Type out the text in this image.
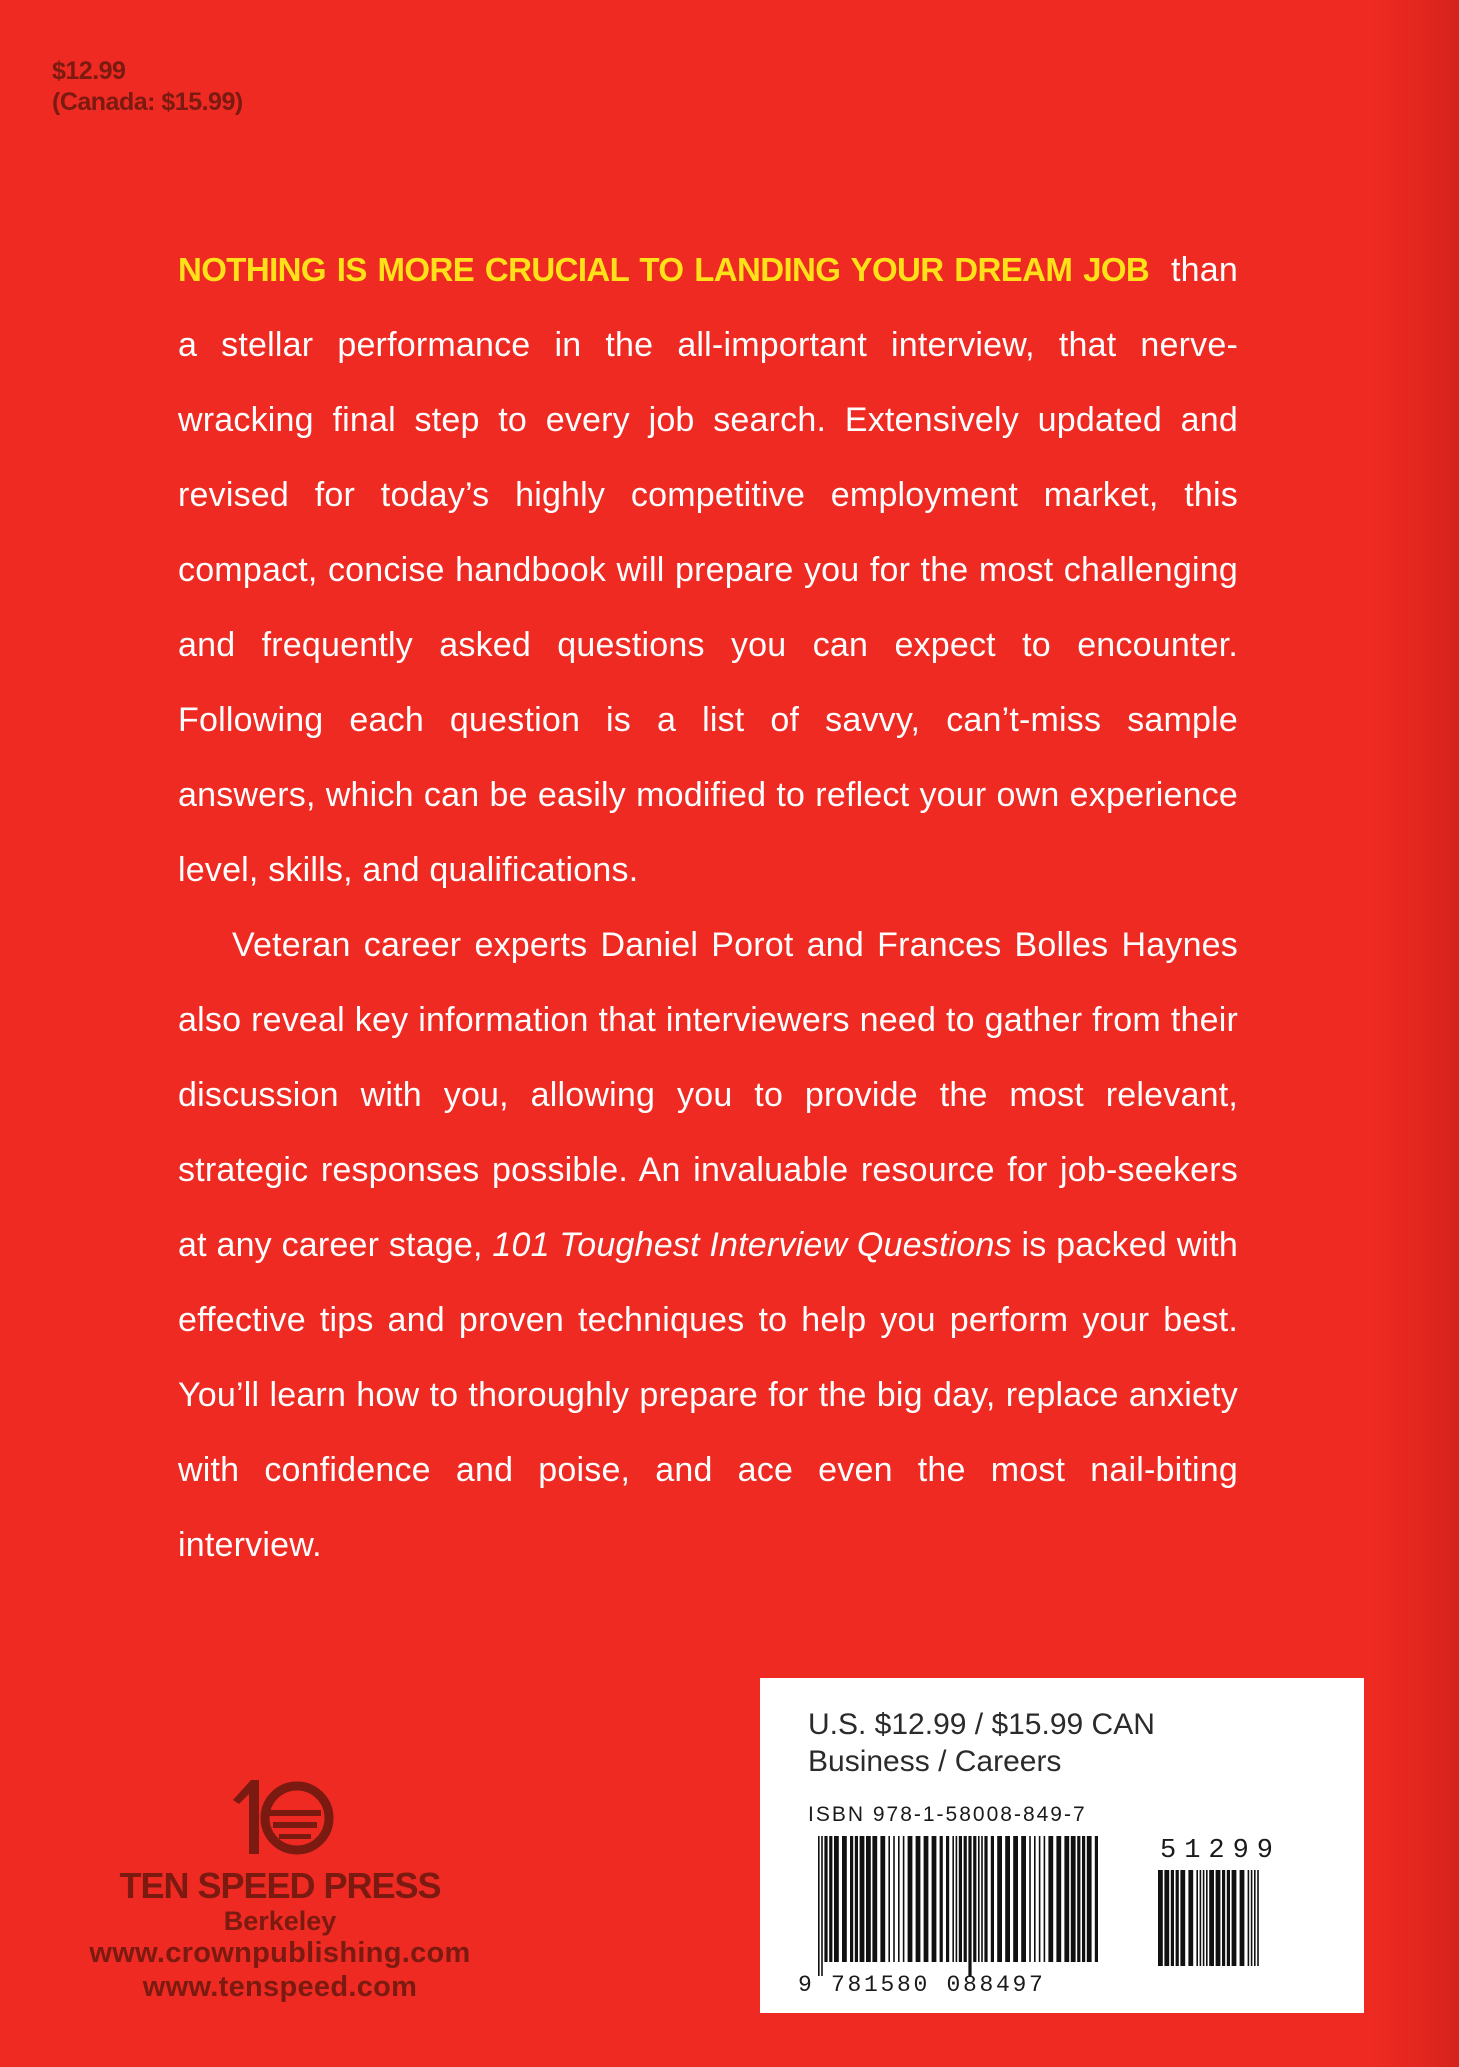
$12.99
(Canada: $15.99)

NOTHING IS MORE CRUCIAL TO LANDING YOUR DREAM JOB than a stellar performance in the all-important interview, that nerve-wracking final step to every job search. Extensively updated and revised for today’s highly competitive employment market, this compact, concise handbook will prepare you for the most challenging and frequently asked questions you can expect to encounter. Following each question is a list of savvy, can’t-miss sample answers, which can be easily modified to reflect your own experience level, skills, and qualifications.

Veteran career experts Daniel Porot and Frances Bolles Haynes also reveal key information that interviewers need to gather from their discussion with you, allowing you to provide the most relevant, strategic responses possible. An invaluable resource for job-seekers at any career stage, 101 Toughest Interview Questions is packed with effective tips and proven techniques to help you perform your best. You’ll learn how to thoroughly prepare for the big day, replace anxiety with confidence and poise, and ace even the most nail-biting interview.

TEN SPEED PRESS
Berkeley
www.crownpublishing.com
www.tenspeed.com
U.S. $12.99 / $15.99 CAN
Business / Careers
ISBN 978-1-58008-849-7
51299
9 781580 088497
